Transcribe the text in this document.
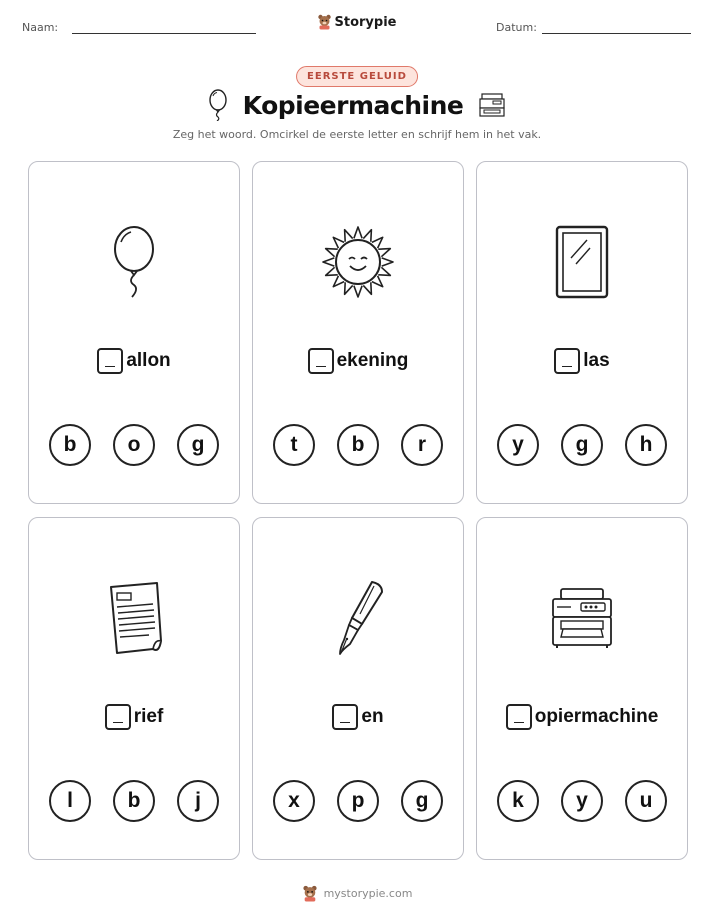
Naam:	Storypie	Datum:
EERSTE GELUID
Kopieermachine
Zeg het woord. Omcirkel de eerste letter en schrijf hem in het vak.
allon
b	o	g
ekening
t	b	r
las
y	g	h
rief
l	b	j
en
x	p	g
opiermachine
k	y	u
mystorypie.com
